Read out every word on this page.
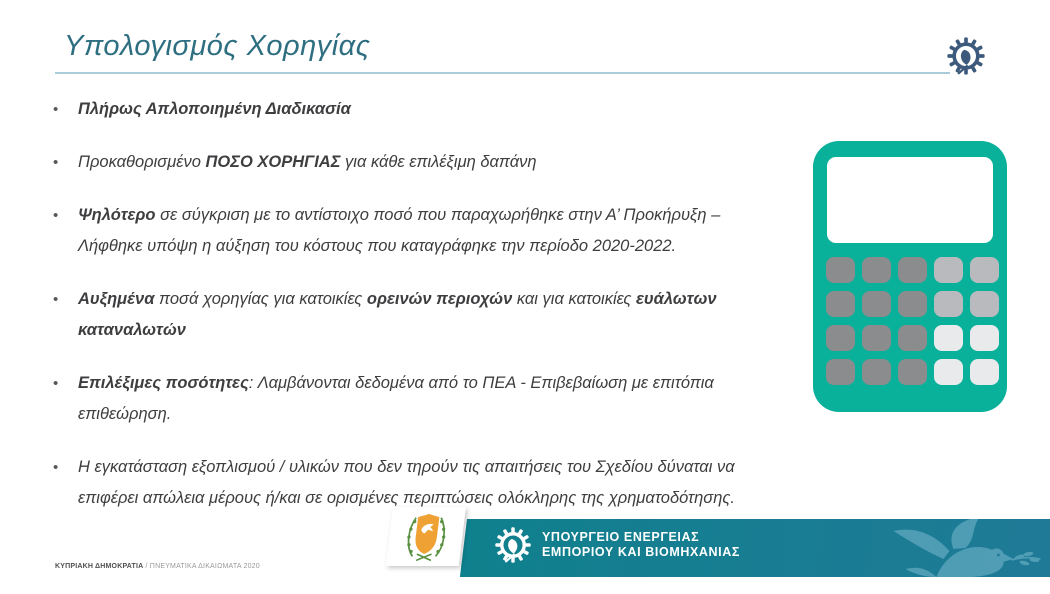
Υπολογισμός Χορηγίας
•	Πλήρως Απλοποιημένη Διαδικασία
•	Προκαθορισμένο ΠΟΣΟ ΧΟΡΗΓΙΑΣ για κάθε επιλέξιμη δαπάνη
•	Ψηλότερο σε σύγκριση με το αντίστοιχο ποσό που παραχωρήθηκε στην Α’ Προκήρυξη –
Λήφθηκε υπόψη η αύξηση του κόστους που καταγράφηκε την περίοδο 2020-2022.
•	Αυξημένα ποσά χορηγίας για κατοικίες ορεινών περιοχών και για κατοικίες ευάλωτων
καταναλωτών
•	Επιλέξιμες ποσότητες: Λαμβάνονται δεδομένα από το ΠΕΑ - Επιβεβαίωση με επιτόπια
επιθεώρηση.
•	Η εγκατάσταση εξοπλισμού / υλικών που δεν τηρούν τις απαιτήσεις του Σχεδίου δύναται να
επιφέρει απώλεια μέρους ή/και σε ορισμένες περιπτώσεις ολόκληρης της χρηματοδότησης.
ΚΥΠΡΙΑΚΗ ΔΗΜΟΚΡΑΤΙΑ / ΠΝΕΥΜΑΤΙΚΑ ΔΙΚΑΙΩΜΑΤΑ 2020
ΥΠΟΥΡΓΕΙΟ ΕΝΕΡΓΕΙΑΣ
ΕΜΠΟΡΙΟΥ ΚΑΙ ΒΙΟΜΗΧΑΝΙΑΣ
